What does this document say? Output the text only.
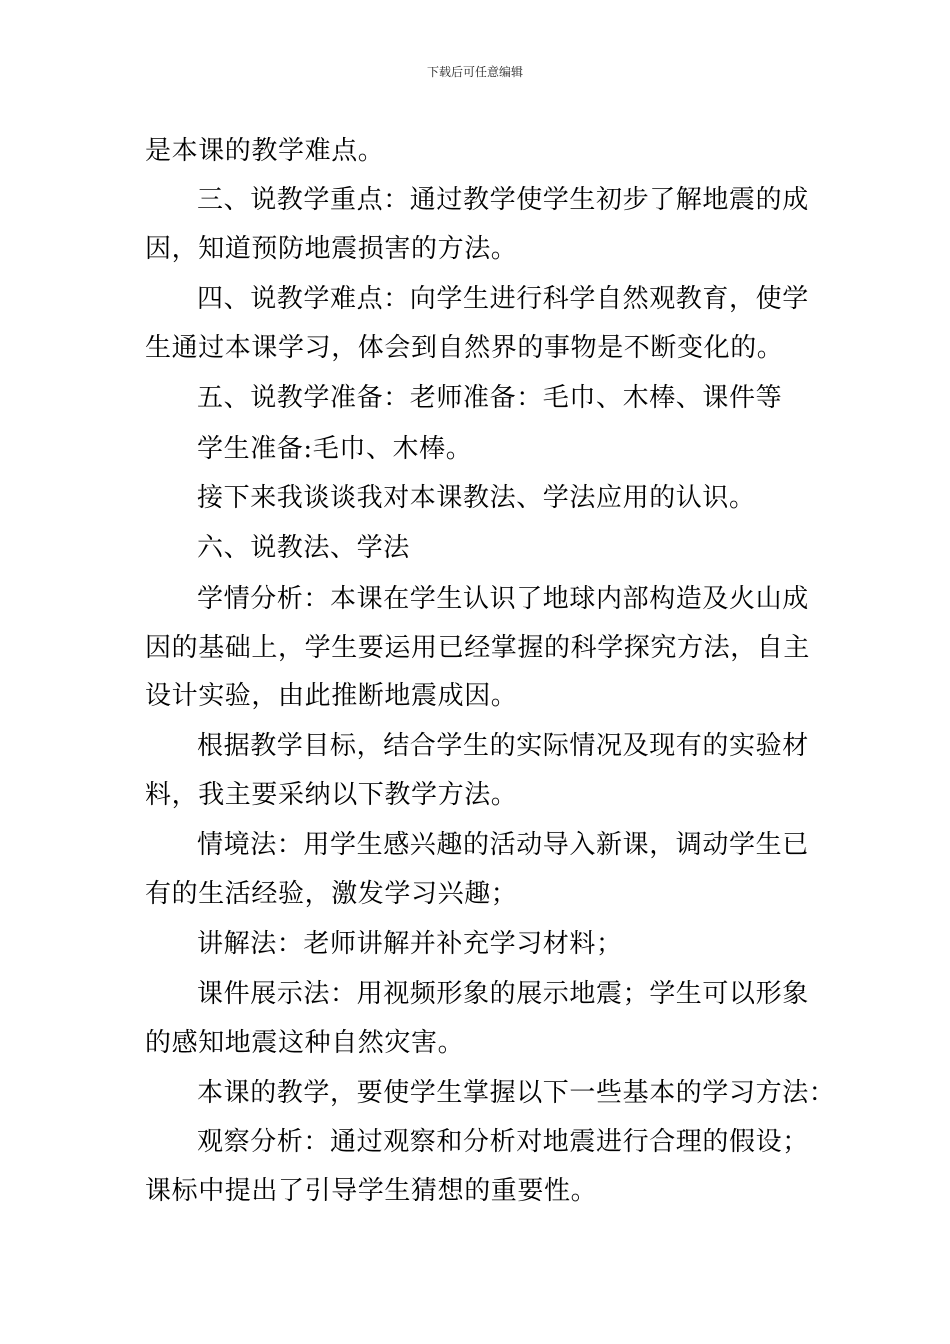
下载后可任意编辑
是本课的教学难点。
三、说教学重点：通过教学使学生初步了解地震的成
因，知道预防地震损害的方法。
四、说教学难点：向学生进行科学自然观教育，使学
生通过本课学习，体会到自然界的事物是不断变化的。
五、说教学准备：老师准备：毛巾、木棒、课件等
学生准备:毛巾、木棒。
接下来我谈谈我对本课教法、学法应用的认识。
六、说教法、学法
学情分析：本课在学生认识了地球内部构造及火山成
因的基础上，学生要运用已经掌握的科学探究方法，自主
设计实验，由此推断地震成因。
根据教学目标，结合学生的实际情况及现有的实验材
料，我主要采纳以下教学方法。
情境法：用学生感兴趣的活动导入新课，调动学生已
有的生活经验，激发学习兴趣；
讲解法：老师讲解并补充学习材料；
课件展示法：用视频形象的展示地震；学生可以形象
的感知地震这种自然灾害。
本课的教学，要使学生掌握以下一些基本的学习方法：
观察分析：通过观察和分析对地震进行合理的假设；
课标中提出了引导学生猜想的重要性。
